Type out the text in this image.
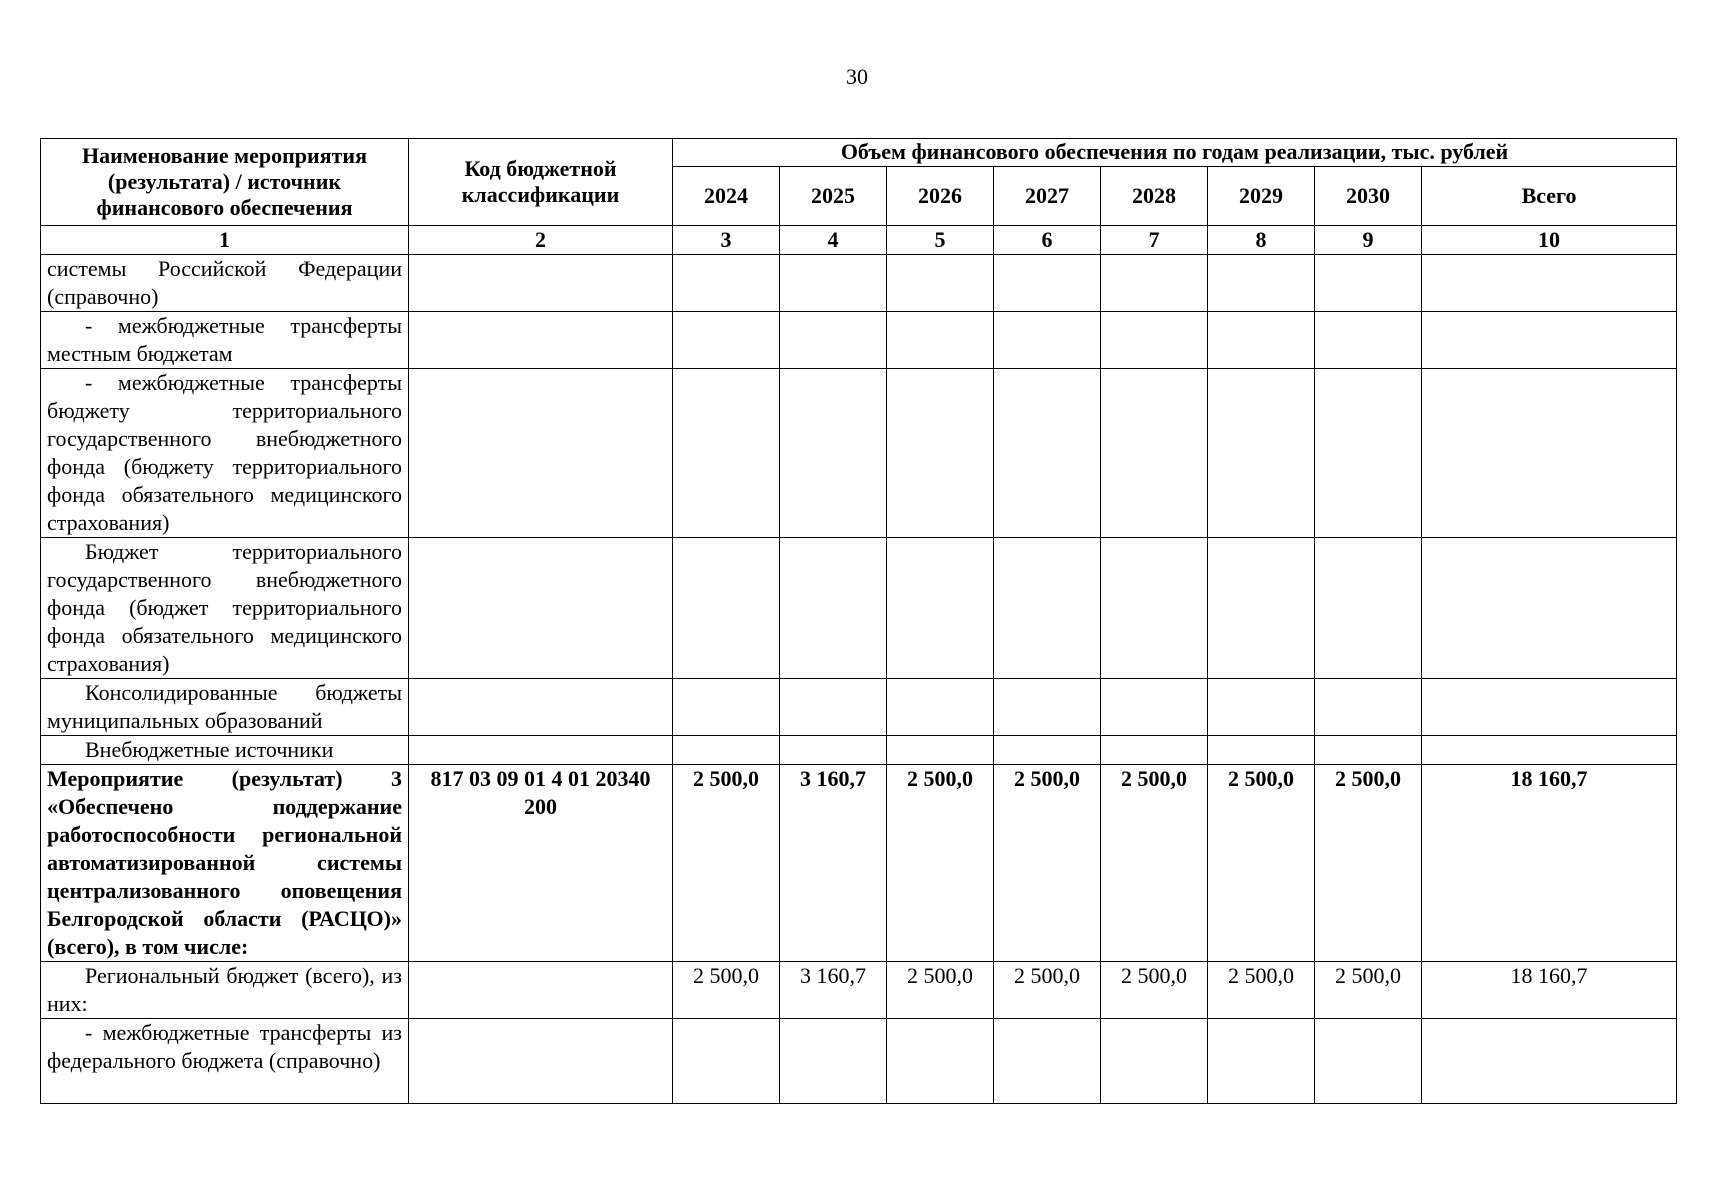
30
Наименование мероприятия (результата) / источник финансового обеспечения	Код бюджетной классификации	Объем финансового обеспечения по годам реализации, тыс. рублей							
		2024	2025	2026	2027	2028	2029	2030	Всего
1	2	3	4	5	6	7	8	9	10
системы Российской Федерации (справочно)									
- межбюджетные трансферты местным бюджетам									
- межбюджетные трансферты бюджету территориального государственного внебюджетного фонда (бюджету территориального фонда обязательного медицинского страхования)									
Бюджет территориального государственного внебюджетного фонда (бюджет территориального фонда обязательного медицинского страхования)									
Консолидированные бюджеты муниципальных образований									
Внебюджетные источники									
Мероприятие (результат) 3 «Обеспечено поддержание работоспособности региональной автоматизированной системы централизованного оповещения Белгородской области (РАСЦО)» (всего), в том числе:	817 03 09 01 4 01 20340 200	2 500,0	3 160,7	2 500,0	2 500,0	2 500,0	2 500,0	2 500,0	18 160,7
Региональный бюджет (всего), из них:		2 500,0	3 160,7	2 500,0	2 500,0	2 500,0	2 500,0	2 500,0	18 160,7
- межбюджетные трансферты из федерального бюджета (справочно)									
